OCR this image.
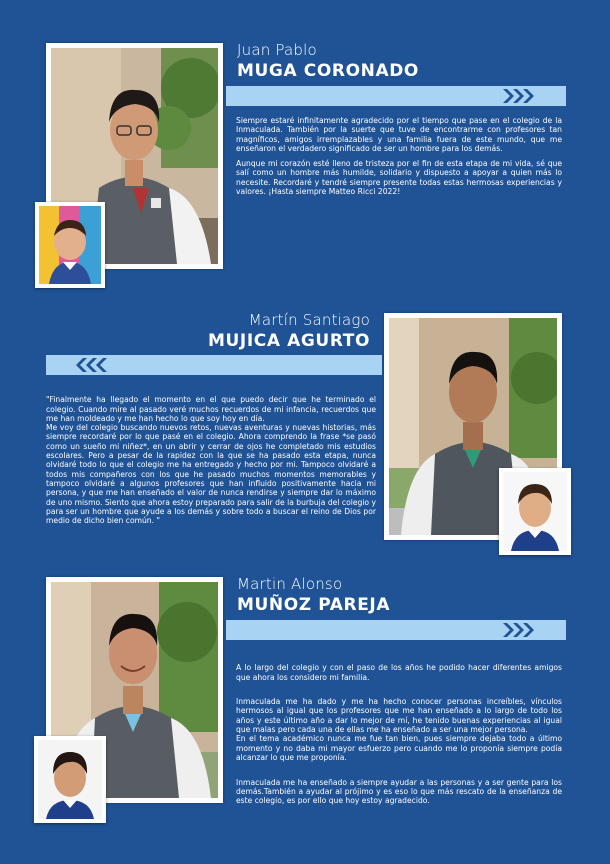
Juan Pablo
MUGA CORONADO

Siempre estaré infinitamente agradecido por el tiempo que pase en el colegio de la Inmaculada. También por la suerte que tuve de encontrarme con profesores tan magníficos, amigos irremplazables y una familia fuera de este mundo, que me enseñaron el verdadero significado de ser un hombre para los demás.

Aunque mi corazón esté lleno de tristeza por el fin de esta etapa de mi vida, sé que salí como un hombre más humilde, solidario y dispuesto a apoyar a quien más lo necesite. Recordaré y tendré siempre presente todas estas hermosas experiencias y valores. ¡Hasta siempre Matteo Ricci 2022!

Martín Santiago
MUJICA AGURTO

"Finalmente ha llegado el momento en el que puedo decir que he terminado el colegio. Cuando mire al pasado veré muchos recuerdos de mi infancia, recuerdos que me han moldeado y me han hecho lo que soy hoy en día.
Me voy del colegio buscando nuevos retos, nuevas aventuras y nuevas historias, más siempre recordaré por lo que pasé en el colegio. Ahora comprendo la frase *se pasó como un sueño mi niñez*, en un abrir y cerrar de ojos he completado mis estudios escolares. Pero a pesar de la rapidez con la que se ha pasado esta etapa, nunca olvidaré todo lo que el colegio me ha entregado y hecho por mi. Tampoco olvidaré a todos mis compañeros con los que he pasado muchos momentos memorables y tampoco olvidaré a algunos profesores que han influido positivamente hacia mi persona, y que me han enseñado el valor de nunca rendirse y siempre dar lo máximo de uno mismo. Siento que ahora estoy preparado para salir de la burbuja del colegio y para ser un hombre que ayude a los demás y sobre todo a buscar el reino de Dios por medio de dicho bien común. "

Martin Alonso
MUÑOZ PAREJA

A lo largo del colegio y con el paso de los años he podido hacer diferentes amigos que ahora los considero mi familia.

Inmaculada me ha dado y me ha hecho conocer personas increíbles, vínculos hermosos al igual que los profesores que me han enseñado a lo largo de todo los años y este último año a dar lo mejor de mí, he tenido buenas experiencias al igual que malas pero cada una de ellas me ha enseñado a ser una mejor persona.
En el tema académico nunca me fue tan bien, pues siempre dejaba todo a último momento y no daba mi mayor esfuerzo pero cuando me lo proponía siempre podía alcanzar lo que me proponía.

Inmaculada me ha enseñado a siempre ayudar a las personas y a ser gente para los demás.También a ayudar al prójimo y es eso lo que más rescato de la enseñanza de este colegio, es por ello que hoy estoy agradecido.
